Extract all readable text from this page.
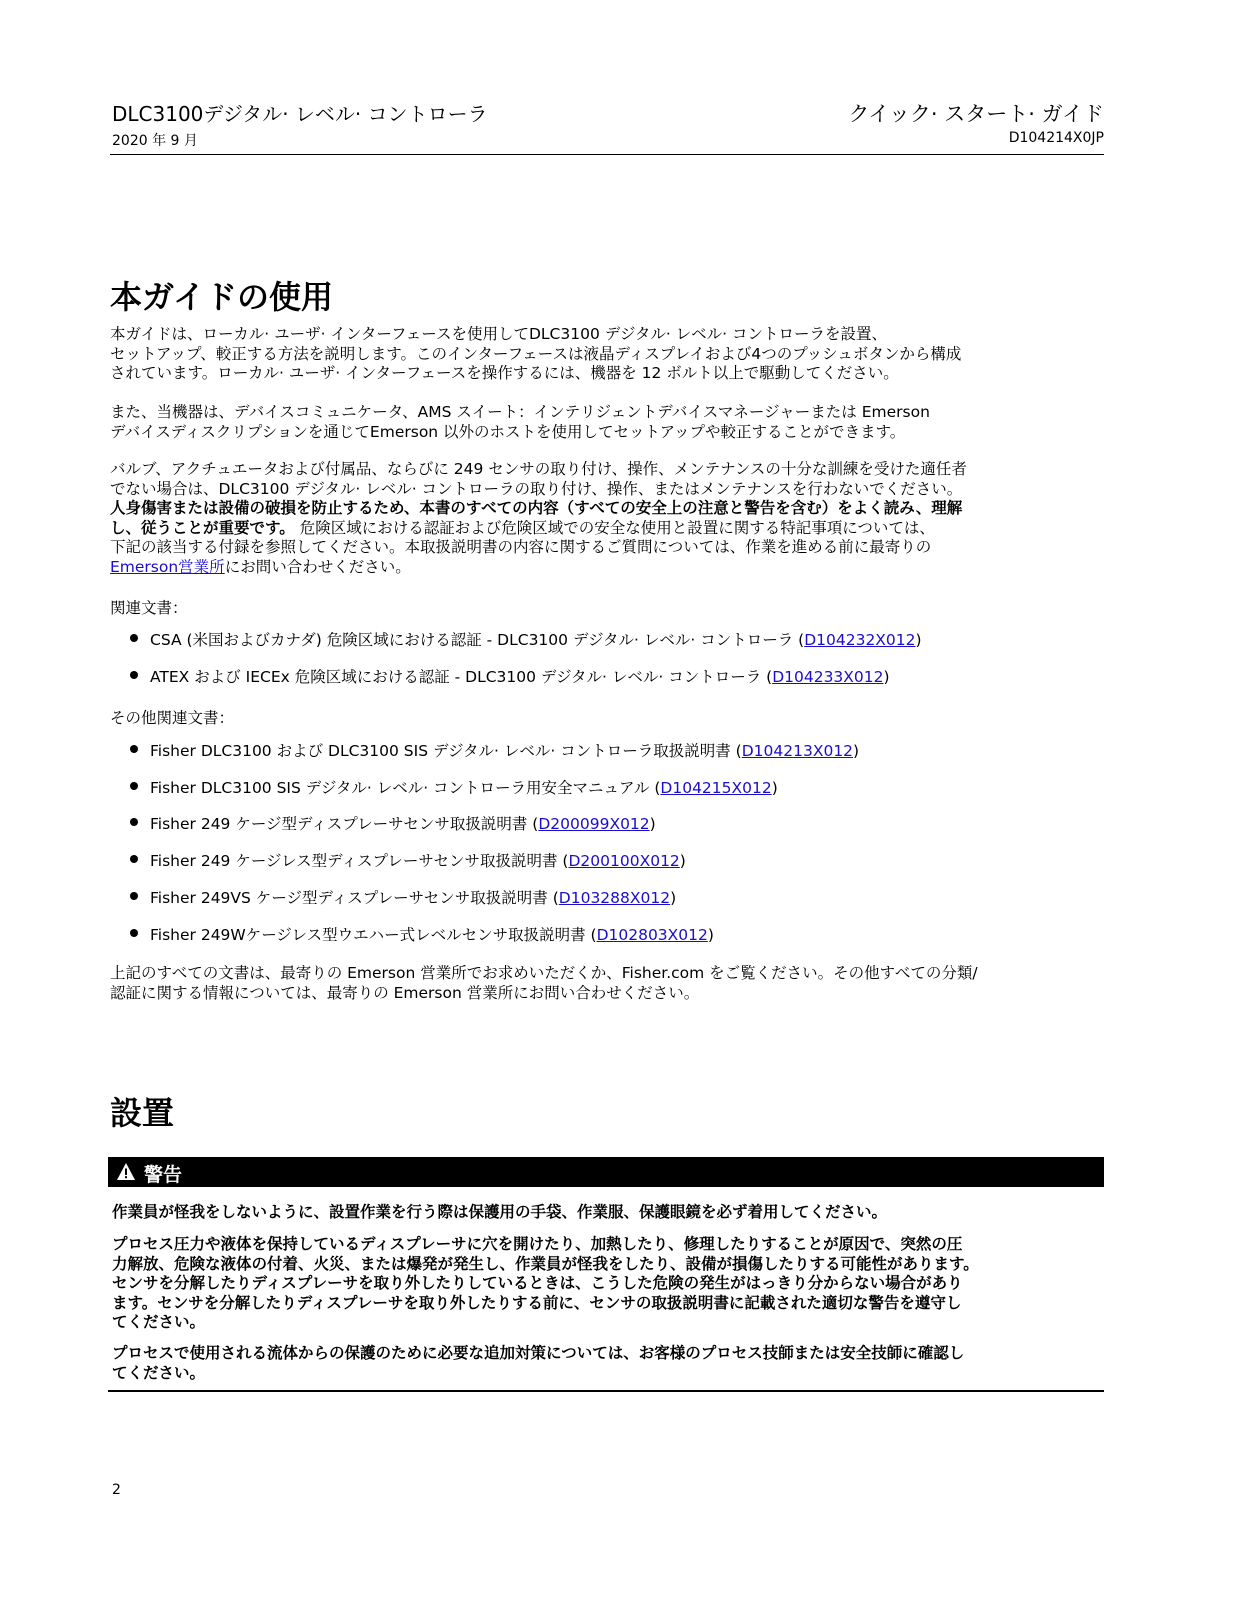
DLC3100デジタル· レベル· コントローラ
2020 年 9 月
クイック· スタート· ガイド
D104214X0JP
本ガイドの使用
本ガイドは、ローカル· ユーザ· インターフェースを使用してDLC3100 デジタル· レベル· コントローラを設置、
セットアップ、較正する方法を説明します。このインターフェースは液晶ディスプレイおよび4つのプッシュボタンから構成
されています。ローカル· ユーザ· インターフェースを操作するには、機器を 12 ボルト以上で駆動してください。
また、当機器は、デバイスコミュニケータ、AMS スイート：インテリジェントデバイスマネージャーまたは Emerson
デバイスディスクリプションを通じてEmerson 以外のホストを使用してセットアップや較正することができます。
バルブ、アクチュエータおよび付属品、ならびに 249 センサの取り付け、操作、メンテナンスの十分な訓練を受けた適任者
でない場合は、DLC3100 デジタル· レベル· コントローラの取り付け、操作、またはメンテナンスを行わないでください。
人身傷害または設備の破損を防止するため、本書のすべての内容（すべての安全上の注意と警告を含む）をよく読み、理解
し、従うことが重要です。 危険区域における認証および危険区域での安全な使用と設置に関する特記事項については、
下記の該当する付録を参照してください。本取扱説明書の内容に関するご質問については、作業を進める前に最寄りの
Emerson営業所にお問い合わせください。
関連文書：
CSA (米国およびカナダ) 危険区域における認証 - DLC3100 デジタル· レベル· コントローラ (D104232X012)
ATEX および IECEx 危険区域における認証 - DLC3100 デジタル· レベル· コントローラ (D104233X012)
その他関連文書：
Fisher DLC3100 および DLC3100 SIS デジタル· レベル· コントローラ取扱説明書 (D104213X012)
Fisher DLC3100 SIS デジタル· レベル· コントローラ用安全マニュアル (D104215X012)
Fisher 249 ケージ型ディスプレーサセンサ取扱説明書 (D200099X012)
Fisher 249 ケージレス型ディスプレーサセンサ取扱説明書 (D200100X012)
Fisher 249VS ケージ型ディスプレーサセンサ取扱説明書 (D103288X012)
Fisher 249Wケージレス型ウエハー式レベルセンサ取扱説明書 (D102803X012)
上記のすべての文書は、最寄りの Emerson 営業所でお求めいただくか、Fisher.com をご覧ください。その他すべての分類/
認証に関する情報については、最寄りの Emerson 営業所にお問い合わせください。
設置
警告
作業員が怪我をしないように、設置作業を行う際は保護用の手袋、作業服、保護眼鏡を必ず着用してください。
プロセス圧力や液体を保持しているディスプレーサに穴を開けたり、加熱したり、修理したりすることが原因で、突然の圧
力解放、危険な液体の付着、火災、または爆発が発生し、作業員が怪我をしたり、設備が損傷したりする可能性があります。
センサを分解したりディスプレーサを取り外したりしているときは、こうした危険の発生がはっきり分からない場合があり
ます。センサを分解したりディスプレーサを取り外したりする前に、センサの取扱説明書に記載された適切な警告を遵守し
てください。
プロセスで使用される流体からの保護のために必要な追加対策については、お客様のプロセス技師または安全技師に確認し
てください。
2
